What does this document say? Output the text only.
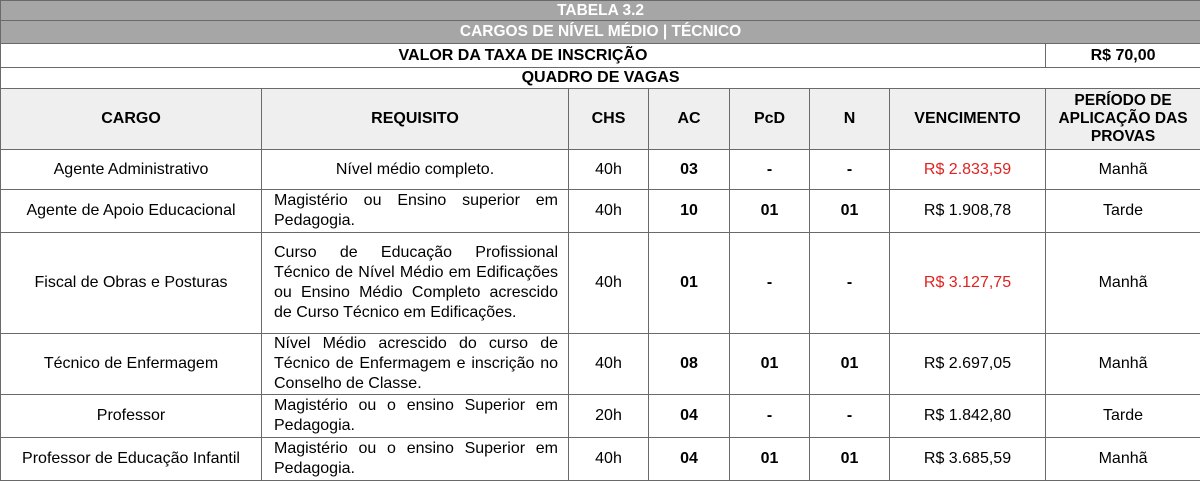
TABELA 3.2							
CARGOS DE NÍVEL MÉDIO | TÉCNICO							
VALOR DA TAXA DE INSCRIÇÃO							R$ 70,00
QUADRO DE VAGAS							
CARGO	REQUISITO	CHS	AC	PcD	N	VENCIMENTO	PERÍODO DE APLICAÇÃO DAS PROVAS
Agente Administrativo	Nível médio completo.	40h	03	-	-	R$ 2.833,59	Manhã
Agente de Apoio Educacional	Magistério ou Ensino superior em Pedagogia.	40h	10	01	01	R$ 1.908,78	Tarde
Fiscal de Obras e Posturas	Curso de Educação Profissional Técnico de Nível Médio em Edificações ou Ensino Médio Completo acrescido de Curso Técnico em Edificações.	40h	01	-	-	R$ 3.127,75	Manhã
Técnico de Enfermagem	Nível Médio acrescido do curso de Técnico de Enfermagem e inscrição no Conselho de Classe.	40h	08	01	01	R$ 2.697,05	Manhã
Professor	Magistério ou o ensino Superior em Pedagogia.	20h	04	-	-	R$ 1.842,80	Tarde
Professor de Educação Infantil	Magistério ou o ensino Superior em Pedagogia.	40h	04	01	01	R$ 3.685,59	Manhã
